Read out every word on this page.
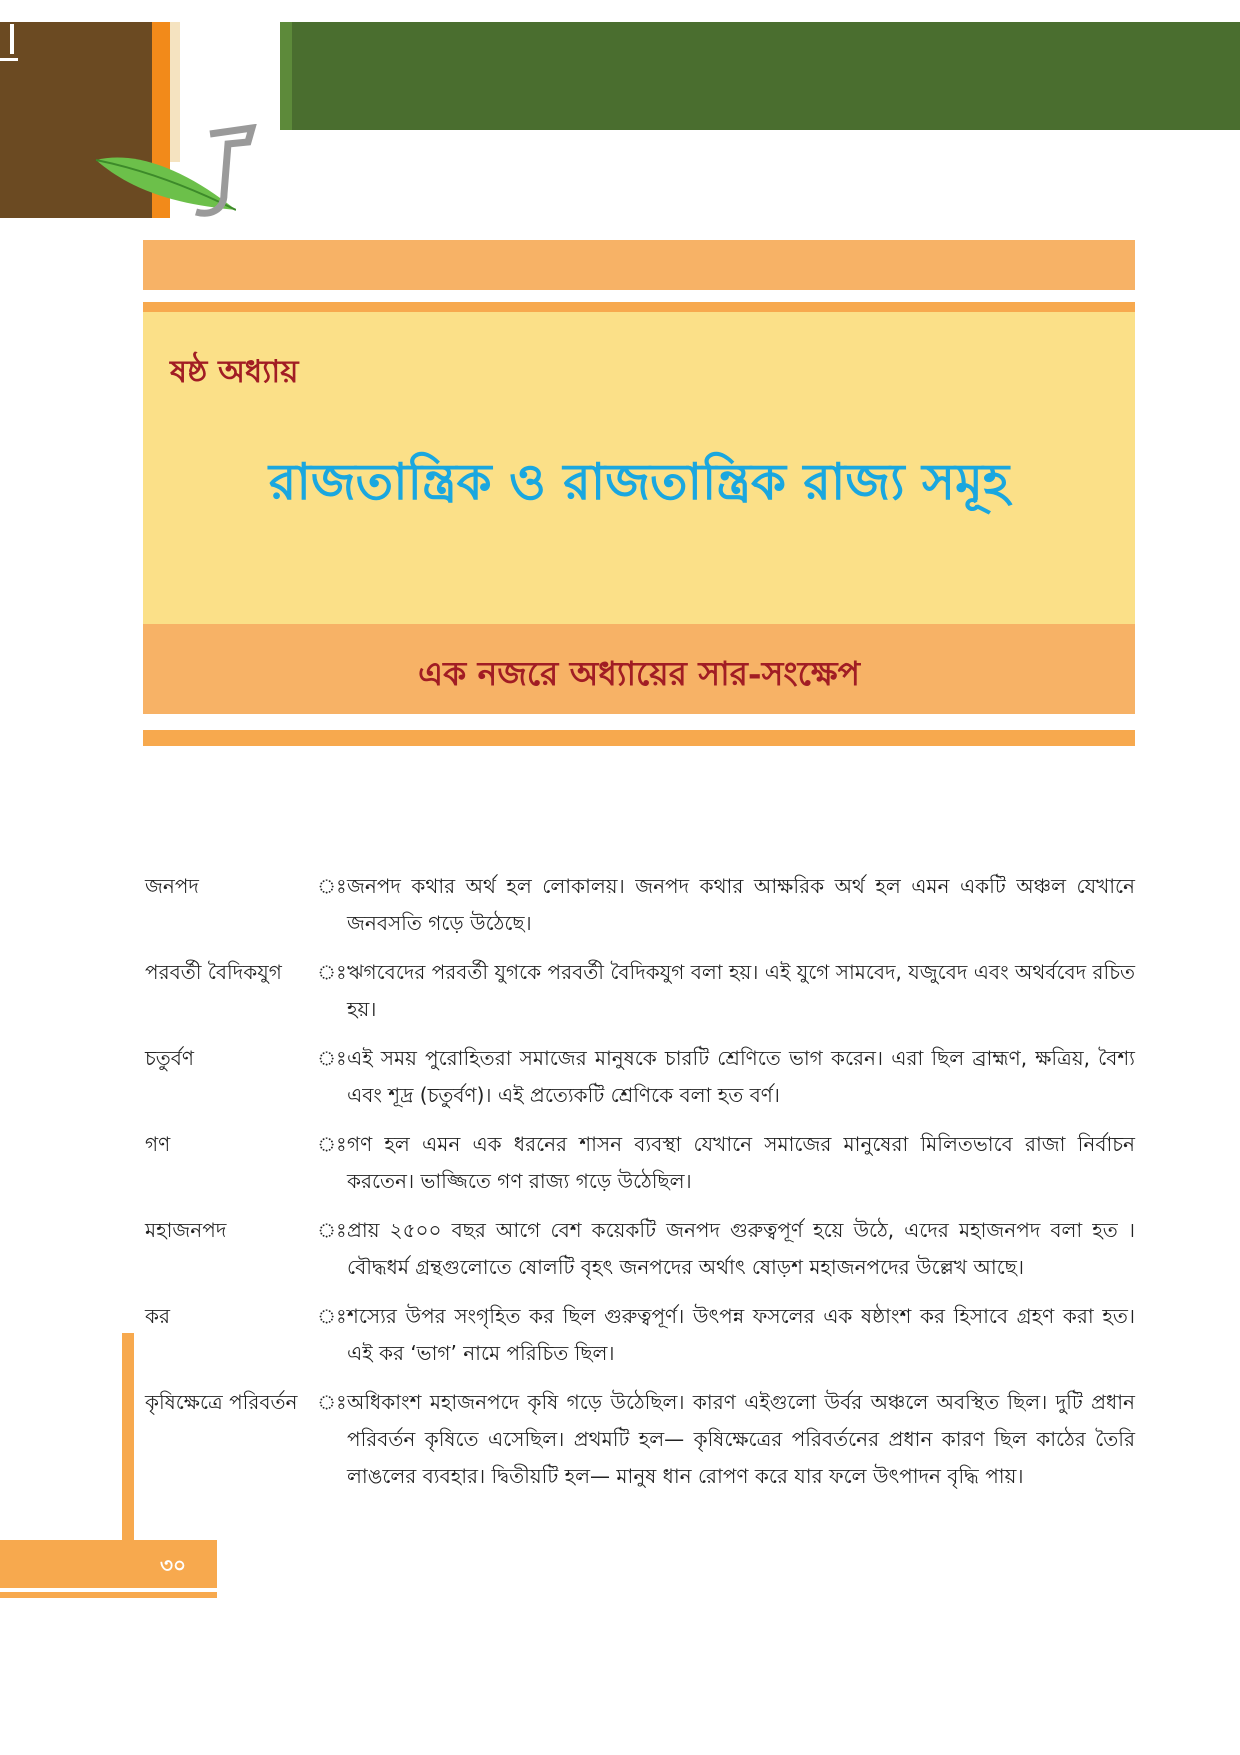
ষষ্ঠ অধ্যায়
রাজতান্ত্রিক ও রাজতান্ত্রিক রাজ্য সমূহ
এক নজরে অধ্যায়ের সার-সংক্ষেপ
জনপদ	ঃ জনপদ কথার অর্থ হল লোকালয়। জনপদ কথার আক্ষরিক অর্থ হল এমন একটি অঞ্চল যেখানে জনবসতি গড়ে উঠেছে।
পরবর্তী বৈদিকযুগ	ঃ ঋগবেদের পরবর্তী যুগকে পরবর্তী বৈদিকযুগ বলা হয়। এই যুগে সামবেদ, যজুবেদ এবং অথর্ববেদ রচিত হয়।
চতুর্বণ	ঃ এই সময় পুরোহিতরা সমাজের মানুষকে চারটি শ্রেণিতে ভাগ করেন। এরা ছিল ব্রাহ্মণ, ক্ষত্রিয়, বৈশ্য এবং শূদ্র (চতুর্বণ)। এই প্রত্যেকটি শ্রেণিকে বলা হত বর্ণ।
গণ	ঃ গণ হল এমন এক ধরনের শাসন ব্যবস্থা যেখানে সমাজের মানুষেরা মিলিতভাবে রাজা নির্বাচন করতেন। ভাজ্জিতে গণ রাজ্য গড়ে উঠেছিল।
মহাজনপদ	ঃ প্রায় ২৫০০ বছর আগে বেশ কয়েকটি জনপদ গুরুত্বপূর্ণ হয়ে উঠে, এদের মহাজনপদ বলা হত । বৌদ্ধধর্ম গ্রন্থগুলোতে ষোলটি বৃহৎ জনপদের অর্থাৎ ষোড়শ মহাজনপদের উল্লেখ আছে।
কর	ঃ শস্যের উপর সংগৃহিত কর ছিল গুরুত্বপূর্ণ। উৎপন্ন ফসলের এক ষষ্ঠাংশ কর হিসাবে গ্রহণ করা হত। এই কর ‘ভাগ’ নামে পরিচিত ছিল।
কৃষিক্ষেত্রে পরিবর্তন ঃ অধিকাংশ মহাজনপদে কৃষি গড়ে উঠেছিল। কারণ এইগুলো উর্বর অঞ্চলে অবস্থিত ছিল। দুটি প্রধান পরিবর্তন কৃষিতে এসেছিল। প্রথমটি হল— কৃষিক্ষেত্রের পরিবর্তনের প্রধান কারণ ছিল কাঠের তৈরি লাঙলের ব্যবহার। দ্বিতীয়টি হল— মানুষ ধান রোপণ করে যার ফলে উৎপাদন বৃদ্ধি পায়।
৩০
